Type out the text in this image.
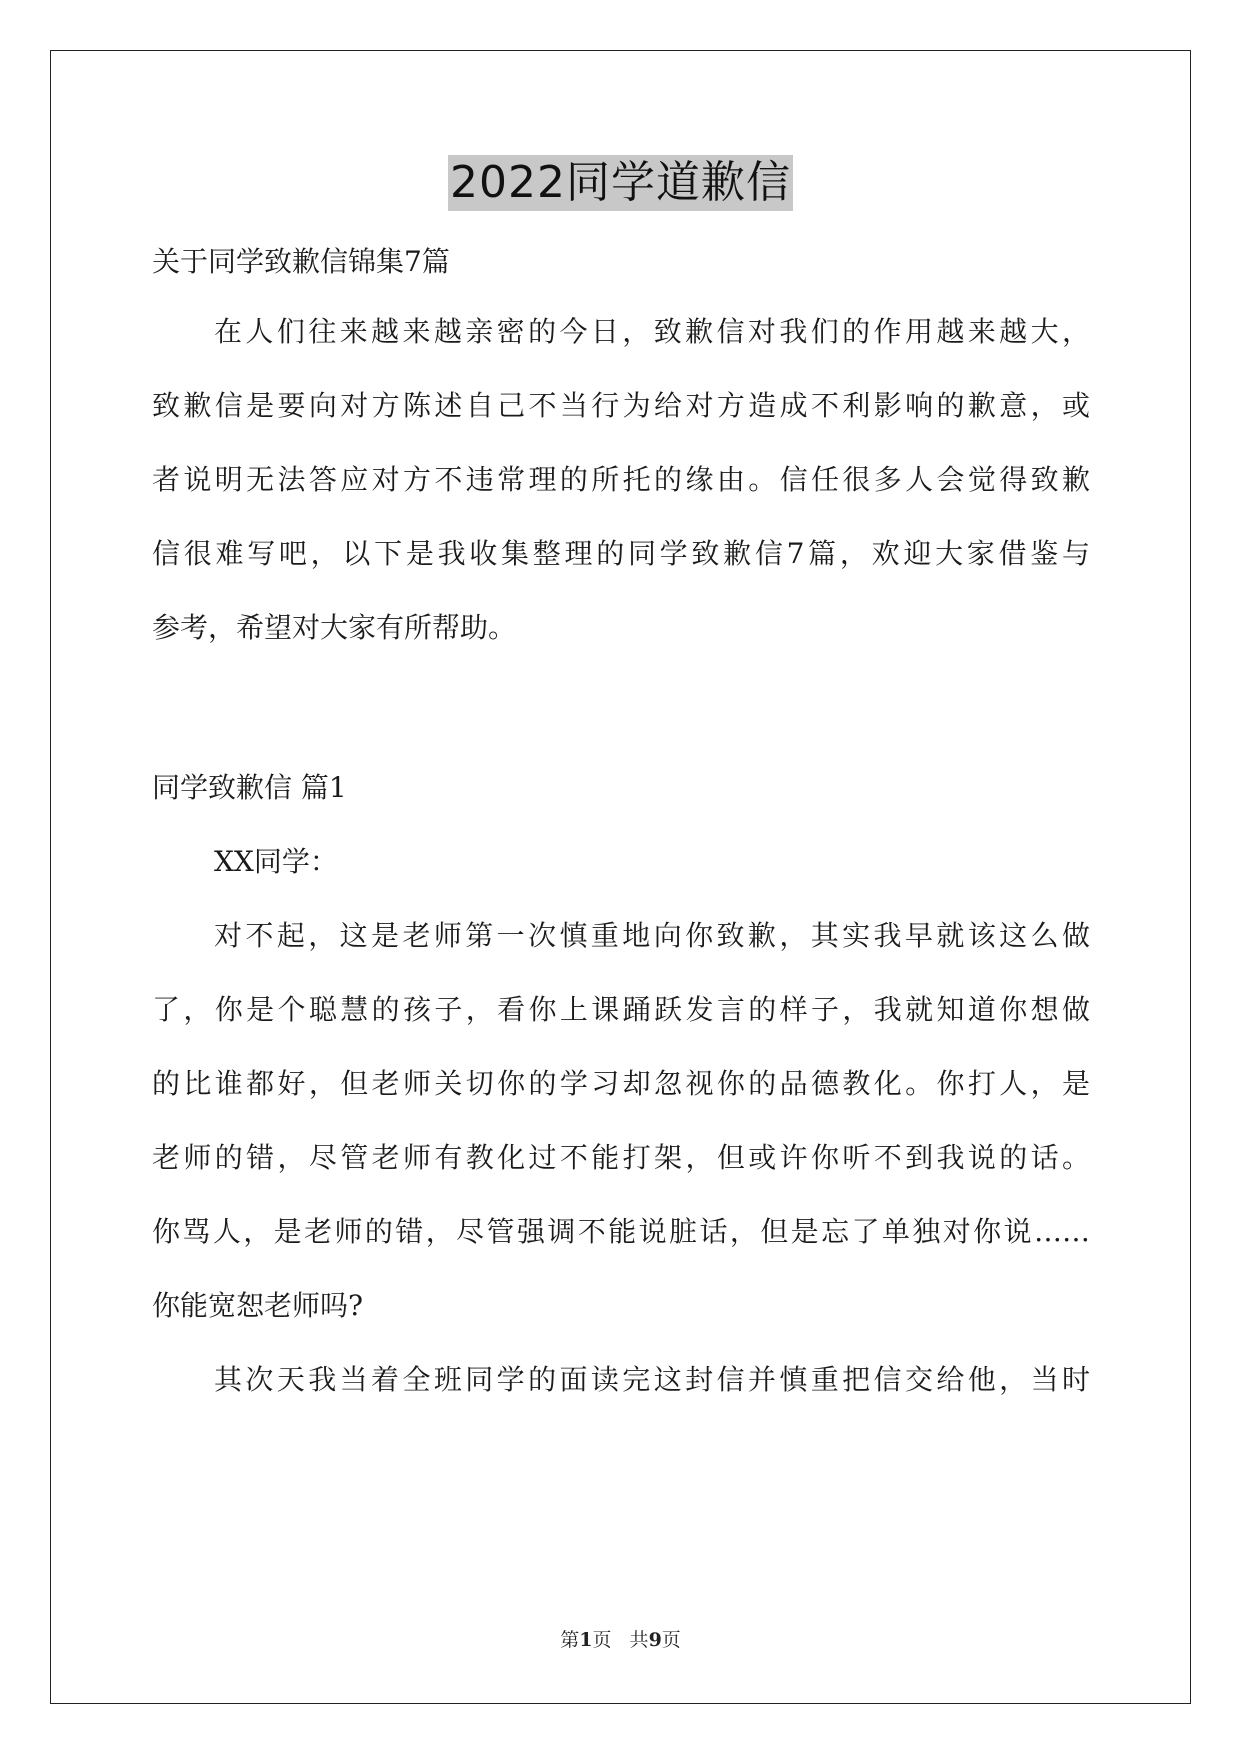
2022同学道歉信
关于同学致歉信锦集7篇
在人们往来越来越亲密的今日，致歉信对我们的作用越来越大，
致歉信是要向对方陈述自己不当行为给对方造成不利影响的歉意，或
者说明无法答应对方不违常理的所托的缘由。信任很多人会觉得致歉
信很难写吧，以下是我收集整理的同学致歉信7篇，欢迎大家借鉴与
参考，希望对大家有所帮助。
同学致歉信 篇1
XX同学：
对不起，这是老师第一次慎重地向你致歉，其实我早就该这么做
了，你是个聪慧的孩子，看你上课踊跃发言的样子，我就知道你想做
的比谁都好，但老师关切你的学习却忽视你的品德教化。你打人，是
老师的错，尽管老师有教化过不能打架，但或许你听不到我说的话。
你骂人，是老师的错，尽管强调不能说脏话，但是忘了单独对你说……
你能宽恕老师吗?
其次天我当着全班同学的面读完这封信并慎重把信交给他，当时
第1页   共9页
